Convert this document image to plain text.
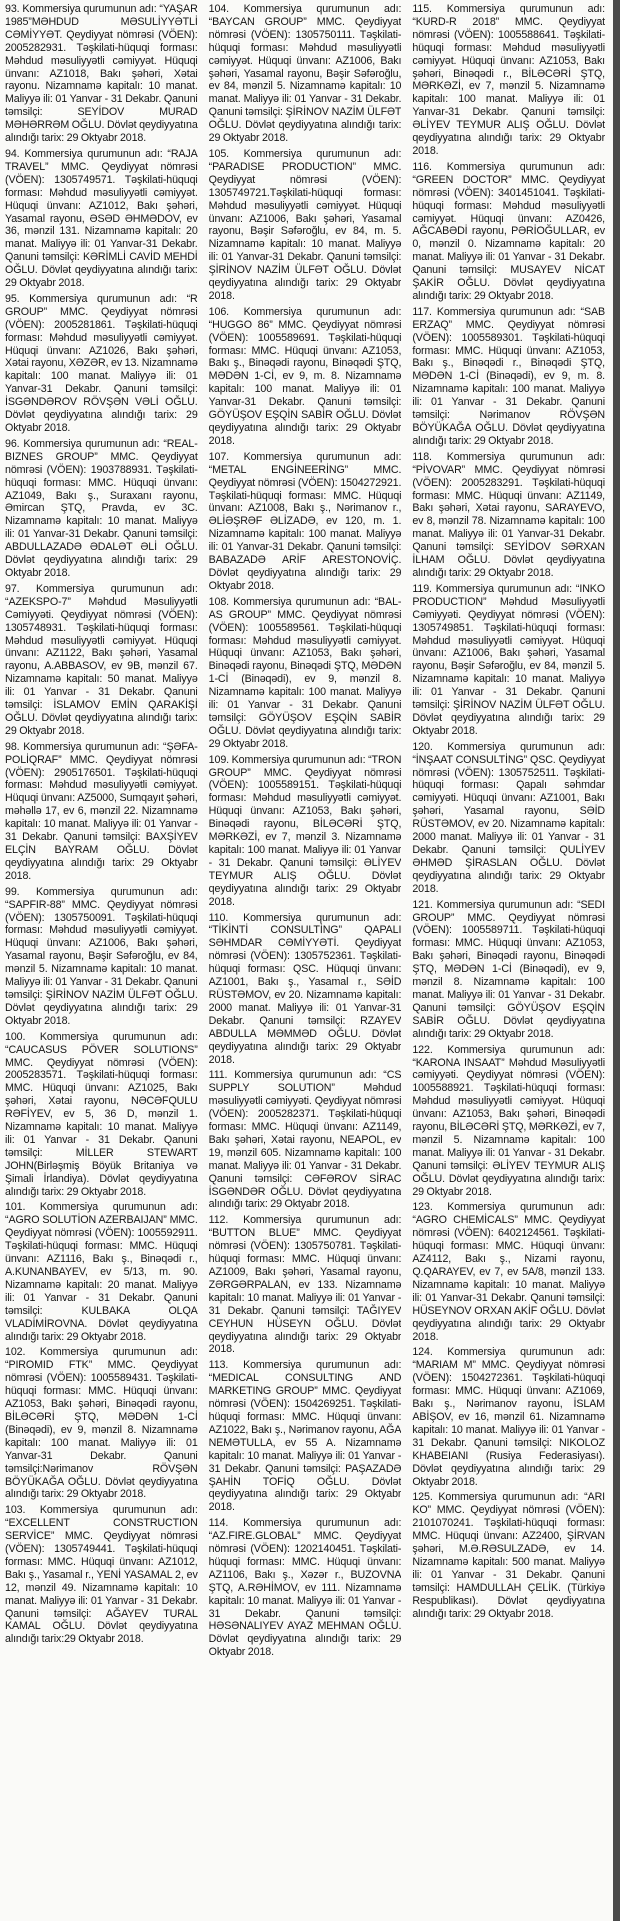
93. Kommersiya qurumunun adı: “YAŞAR 1985”MƏHDUD MƏSULİYYƏTLİ CƏMİYYƏT. Qeydiyyat nömrəsi (VÖEN): 2005282931. Təşkilati-hüquqi forması: Məhdud məsuliyyətli cəmiyyət. Hüquqi ünvanı: AZ1018, Bakı şəhəri, Xətai rayonu. Nizamnamə kapitalı: 10 manat. Maliyyə ili: 01 Yanvar - 31 Dekabr. Qanuni təmsilçi: SEYİDOV MURAD MƏHƏRRƏM OĞLU. Dövlət qeydiyyatına alındığı tarix: 29 Oktyabr 2018.

94. Kommersiya qurumunun adı: “RAJA TRAVEL” MMC. Qeydiyyat nömrəsi (VÖEN): 1305749571. Təşkilati-hüquqi forması: Məhdud məsuliyyətli cəmiyyət. Hüquqi ünvanı: AZ1012, Bakı şəhəri, Yasamal rayonu, ƏSƏD ƏHMƏDOV, ev 36, mənzil 131. Nizamnamə kapitalı: 20 manat. Maliyyə ili: 01 Yanvar-31 Dekabr. Qanuni təmsilçi: KƏRİMLİ CAVİD MEHDİ OĞLU. Dövlət qeydiyyatına alındığı tarix: 29 Oktyabr 2018.

95. Kommersiya qurumunun adı: “R GROUP” MMC. Qeydiyyat nömrəsi (VÖEN): 2005281861. Təşkilati-hüquqi forması: Məhdud məsuliyyətli cəmiyyət. Hüquqi ünvanı: AZ1026, Bakı şəhəri, Xətai rayonu, XƏZƏR, ev 13. Nizamnamə kapitalı: 100 manat. Maliyyə ili: 01 Yanvar-31 Dekabr. Qanuni təmsilçi: İSGƏNDƏROV RÖVŞƏN VƏLİ OĞLU. Dövlət qeydiyyatına alındığı tarix: 29 Oktyabr 2018.

96. Kommersiya qurumunun adı: “REAL-BIZNES GROUP” MMC. Qeydiyyat nömrəsi (VÖEN): 1903788931. Təşkilati-hüquqi forması: MMC. Hüquqi ünvanı: AZ1049, Bakı ş., Suraxanı rayonu, Əmircan ŞTQ, Pravda, ev 3C. Nizamnamə kapitalı: 10 manat. Maliyyə ili: 01 Yanvar-31 Dekabr. Qanuni təmsilçi: ABDULLAZADƏ ƏDALƏT ƏLİ OĞLU. Dövlət qeydiyyatına alındığı tarix: 29 Oktyabr 2018.

97. Kommersiya qurumunun adı: “AZEKSPO-7” Məhdud Məsuliyyətli Cəmiyyəti. Qeydiyyat nömrəsi (VÖEN): 1305748931. Təşkilati-hüquqi forması: Məhdud məsuliyyətli cəmiyyət. Hüquqi ünvanı: AZ1122, Bakı şəhəri, Yasamal rayonu, A.ABBASOV, ev 9B, mənzil 67. Nizamnamə kapitalı: 50 manat. Maliyyə ili: 01 Yanvar - 31 Dekabr. Qanuni təmsilçi: İSLAMOV EMİN QARAKİŞİ OĞLU. Dövlət qeydiyyatına alındığı tarix: 29 Oktyabr 2018.

98. Kommersiya qurumunun adı: “ŞƏFA-POLİQRAF” MMC. Qeydiyyat nömrəsi (VÖEN): 2905176501. Təşkilati-hüquqi forması: Məhdud məsuliyyətli cəmiyyət. Hüquqi ünvanı: AZ5000, Sumqayıt şəhəri, məhəllə 17, ev 6, mənzil 22. Nizamnamə kapitalı: 10 manat. Maliyyə ili: 01 Yanvar - 31 Dekabr. Qanuni təmsilçi: BAXŞİYEV ELÇİN BAYRAM OĞLU. Dövlət qeydiyyatına alındığı tarix: 29 Oktyabr 2018.

99. Kommersiya qurumunun adı: “SAPFIR-88” MMC. Qeydiyyat nömrəsi (VÖEN): 1305750091. Təşkilati-hüquqi forması: Məhdud məsuliyyətli cəmiyyət. Hüquqi ünvanı: AZ1006, Bakı şəhəri, Yasamal rayonu, Bəşir Səfəroğlu, ev 84, mənzil 5. Nizamnamə kapitalı: 10 manat. Maliyyə ili: 01 Yanvar - 31 Dekabr. Qanuni təmsilçi: ŞİRİNOV NAZİM ÜLFƏT OĞLU. Dövlət qeydiyyatına alındığı tarix: 29 Oktyabr 2018.

100. Kommersiya qurumunun adı: “CAUCASUS PÖVER SOLUTIONS” MMC. Qeydiyyat nömrəsi (VÖEN): 2005283571. Təşkilati-hüquqi forması: MMC. Hüquqi ünvanı: AZ1025, Bakı şəhəri, Xətai rayonu, NƏCƏFQULU RƏFİYEV, ev 5, 36 D, mənzil 1. Nizamnamə kapitalı: 10 manat. Maliyyə ili: 01 Yanvar - 31 Dekabr. Qanuni təmsilçi: MİLLER STEWART JOHN(Birləşmiş Böyük Britaniya və Şimali İrlandiya). Dövlət qeydiyyatına alındığı tarix: 29 Oktyabr 2018.

101. Kommersiya qurumunun adı: “AGRO SOLUTİON AZERBAIJAN” MMC. Qeydiyyat nömrəsi (VÖEN): 1005592911. Təşkilati-hüquqi forması: MMC. Hüquqi ünvanı: AZ1116, Bakı ş., Binəqədi r., A.KUNANBAYEV, ev 5/13, m. 90. Nizamnamə kapitalı: 20 manat. Maliyyə ili: 01 Yanvar - 31 Dekabr. Qanuni təmsilçi: KULBAKA OLQA VLADİMİROVNA. Dövlət qeydiyyatına alındığı tarix: 29 Oktyabr 2018.

102. Kommersiya qurumunun adı: “PIROMID FTK” MMC. Qeydiyyat nömrəsi (VÖEN): 1005589431. Təşkilati-hüquqi forması: MMC. Hüquqi ünvanı: AZ1053, Bakı şəhəri, Binəqədi rayonu, BİLƏCƏRİ ŞTQ, MƏDƏN 1-Cİ (Binəqədi), ev 9, mənzil 8. Nizamnamə kapitalı: 100 manat. Maliyyə ili: 01 Yanvar-31 Dekabr. Qanuni təmsilçi:Nərimanov RÖVŞƏN BÖYÜKAĞA OĞLU. Dövlət qeydiyyatına alındığı tarix: 29 Oktyabr 2018.

103. Kommersiya qurumunun adı: “EXCELLENT CONSTRUCTION SERVİCE” MMC. Qeydiyyat nömrəsi (VÖEN): 1305749441. Təşkilati-hüquqi forması: MMC. Hüquqi ünvanı: AZ1012, Bakı ş., Yasamal r., YENİ YASAMAL 2, ev 12, mənzil 49. Nizamnamə kapitalı: 10 manat. Maliyyə ili: 01 Yanvar - 31 Dekabr. Qanuni təmsilçi: AĞAYEV TURAL KAMAL OĞLU. Dövlət qeydiyyatına alındığı tarix:29 Oktyabr 2018.

104. Kommersiya qurumunun adı: “BAYCAN GROUP” MMC. Qeydiyyat nömrəsi (VÖEN): 1305750111. Təşkilati-hüquqi forması: Məhdud məsuliyyətli cəmiyyət. Hüquqi ünvanı: AZ1006, Bakı şəhəri, Yasamal rayonu, Bəşir Səfəroğlu, ev 84, mənzil 5. Nizamnamə kapitalı: 10 manat. Maliyyə ili: 01 Yanvar - 31 Dekabr. Qanuni təmsilçi: ŞİRİNOV NAZİM ÜLFƏT OĞLU. Dövlət qeydiyyatına alındığı tarix: 29 Oktyabr 2018.

105. Kommersiya qurumunun adı: “PARADISE PRODUCTION” MMC. Qeydiyyat nömrəsi (VÖEN): 1305749721.Təşkilati-hüquqi forması: Məhdud məsuliyyətli cəmiyyət. Hüquqi ünvanı: AZ1006, Bakı şəhəri, Yasamal rayonu, Bəşir Səfəroğlu, ev 84, m. 5. Nizamnamə kapitalı: 10 manat. Maliyyə ili: 01 Yanvar-31 Dekabr. Qanuni təmsilçi: ŞİRİNOV NAZİM ÜLFƏT OĞLU. Dövlət qeydiyyatına alındığı tarix: 29 Oktyabr 2018.

106. Kommersiya qurumunun adı: “HUGGO 86” MMC. Qeydiyyat nömrəsi (VÖEN): 1005589691. Təşkilati-hüquqi forması: MMC. Hüquqi ünvanı: AZ1053, Bakı ş., Binəqədi rayonu, Binəqədi ŞTQ, MƏDƏN 1-Cİ, ev 9, m. 8. Nizamnamə kapitalı: 100 manat. Maliyyə ili: 01 Yanvar-31 Dekabr. Qanuni təmsilçi: GÖYÜŞOV EŞQİN SABİR OĞLU. Dövlət qeydiyyatına alındığı tarix: 29 Oktyabr 2018.

107. Kommersiya qurumunun adı: “METAL ENGİNEERİNG” MMC. Qeydiyyat nömrəsi (VÖEN): 1504272921. Təşkilati-hüquqi forması: MMC. Hüquqi ünvanı: AZ1008, Bakı ş., Nərimanov r., ƏLİƏŞRƏF ƏLİZADƏ, ev 120, m. 1. Nizamnamə kapitalı: 100 manat. Maliyyə ili: 01 Yanvar-31 Dekabr. Qanuni təmsilçi: BABAZADƏ ARİF ARESTONOVİÇ. Dövlət qeydiyyatına alındığı tarix: 29 Oktyabr 2018.

108. Kommersiya qurumunun adı: “BAL-AS GROUP” MMC. Qeydiyyat nömrəsi (VÖEN): 1005589561. Təşkilati-hüquqi forması: Məhdud məsuliyyətli cəmiyyət. Hüquqi ünvanı: AZ1053, Bakı şəhəri, Binəqədi rayonu, Binəqədi ŞTQ, MƏDƏN 1-Cİ (Binəqədi), ev 9, mənzil 8. Nizamnamə kapitalı: 100 manat. Maliyyə ili: 01 Yanvar - 31 Dekabr. Qanuni təmsilçi: GÖYÜŞOV EŞQİN SABİR OĞLU. Dövlət qeydiyyatına alındığı tarix: 29 Oktyabr 2018.

109. Kommersiya qurumunun adı: “TRON GROUP” MMC. Qeydiyyat nömrəsi (VÖEN): 1005589151. Təşkilati-hüquqi forması: Məhdud məsuliyyətli cəmiyyət. Hüquqi ünvanı: AZ1053, Bakı şəhəri, Binəqədi rayonu, BİLƏCƏRİ ŞTQ, MƏRKƏZİ, ev 7, mənzil 3. Nizamnamə kapitalı: 100 manat. Maliyyə ili: 01 Yanvar - 31 Dekabr. Qanuni təmsilçi: ƏLİYEV TEYMUR ALIŞ OĞLU. Dövlət qeydiyyatına alındığı tarix: 29 Oktyabr 2018.

110. Kommersiya qurumunun adı: “TİKİNTİ CONSULTİNG” QAPALI SƏHMDAR CƏMİYYƏTİ. Qeydiyyat nömrəsi (VÖEN): 1305752361. Təşkilati-hüquqi forması: QSC. Hüquqi ünvanı: AZ1001, Bakı ş., Yasamal r., SƏİD RÜSTƏMOV, ev 20. Nizamnamə kapitalı: 2000 manat. Maliyyə ili: 01 Yanvar-31 Dekabr. Qanuni təmsilçi: RZAYEV ABDULLA MƏMMƏD OĞLU. Dövlət qeydiyyatına alındığı tarix: 29 Oktyabr 2018.

111. Kommersiya qurumunun adı: “CS SUPPLY SOLUTION” Məhdud məsuliyyətli cəmiyyəti. Qeydiyyat nömrəsi (VÖEN): 2005282371. Təşkilati-hüquqi forması: MMC. Hüquqi ünvanı: AZ1149, Bakı şəhəri, Xətai rayonu, NEAPOL, ev 19, mənzil 605. Nizamnamə kapitalı: 100 manat. Maliyyə ili: 01 Yanvar - 31 Dekabr. Qanuni təmsilçi: CƏFƏROV SİRAC İSGƏNDƏR OĞLU. Dövlət qeydiyyatına alındığı tarix: 29 Oktyabr 2018.

112. Kommersiya qurumunun adı: “BUTTON BLUE” MMC. Qeydiyyat nömrəsi (VÖEN): 1305750781. Təşkilati-hüquqi forması: MMC. Hüquqi ünvanı: AZ1009, Bakı şəhəri, Yasamal rayonu, ZƏRGƏRPALAN, ev 133. Nizamnamə kapitalı: 10 manat. Maliyyə ili: 01 Yanvar - 31 Dekabr. Qanuni təmsilçi: TAĞIYEV CEYHUN HÜSEYN OĞLU. Dövlət qeydiyyatına alındığı tarix: 29 Oktyabr 2018.

113. Kommersiya qurumunun adı: “MEDICAL CONSULTING AND MARKETING GROUP” MMC. Qeydiyyat nömrəsi (VÖEN): 1504269251. Təşkilati-hüquqi forması: MMC. Hüquqi ünvanı: AZ1022, Bakı ş., Nərimanov rayonu, AĞA NEMƏTULLA, ev 55 A. Nizamnamə kapitalı: 10 manat. Maliyyə ili: 01 Yanvar - 31 Dekabr. Qanuni təmsilçi: PAŞAZADƏ ŞAHİN TOFİQ OĞLU. Dövlət qeydiyyatına alındığı tarix: 29 Oktyabr 2018.

114. Kommersiya qurumunun adı: “AZ.FIRE.GLOBAL” MMC. Qeydiyyat nömrəsi (VÖEN): 1202140451. Təşkilati-hüquqi forması: MMC. Hüquqi ünvanı: AZ1106, Bakı ş., Xəzər r., BUZOVNA ŞTQ, A.RƏHİMOV, ev 111. Nizamnamə kapitalı: 10 manat. Maliyyə ili: 01 Yanvar - 31 Dekabr. Qanuni təmsilçi: HƏSƏNALIYEV AYAZ MEHMAN OĞLU. Dövlət qeydiyyatına alındığı tarix: 29 Oktyabr 2018.

115. Kommersiya qurumunun adı: “KURD-R 2018” MMC. Qeydiyyat nömrəsi (VÖEN): 1005588641. Təşkilati-hüquqi forması: Məhdud məsuliyyətli cəmiyyət. Hüquqi ünvanı: AZ1053, Bakı şəhəri, Binəqədi r., BİLƏCƏRİ ŞTQ, MƏRKƏZİ, ev 7, mənzil 5. Nizamnamə kapitalı: 100 manat. Maliyyə ili: 01 Yanvar-31 Dekabr. Qanuni təmsilçi: ƏLİYEV TEYMUR ALIŞ OĞLU. Dövlət qeydiyyatına alındığı tarix: 29 Oktyabr 2018.

116. Kommersiya qurumunun adı: “GREEN DOCTOR” MMC. Qeydiyyat nömrəsi (VÖEN): 3401451041. Təşkilati-hüquqi forması: Məhdud məsuliyyətli cəmiyyət. Hüquqi ünvanı: AZ0426, AĞCABƏDİ rayonu, PƏRİOĞULLAR, ev 0, mənzil 0. Nizamnamə kapitalı: 20 manat. Maliyyə ili: 01 Yanvar - 31 Dekabr. Qanuni təmsilçi: MUSAYEV NİCAT ŞAKİR OĞLU. Dövlət qeydiyyatına alındığı tarix: 29 Oktyabr 2018.

117. Kommersiya qurumunun adı: “SAB ERZAQ” MMC. Qeydiyyat nömrəsi (VÖEN): 1005589301. Təşkilati-hüquqi forması: MMC. Hüquqi ünvanı: AZ1053, Bakı ş., Binəqədi r., Binəqədi ŞTQ, MƏDƏN 1-Cİ (Binəqədi), ev 9, m. 8. Nizamnamə kapitalı: 100 manat. Maliyyə ili: 01 Yanvar - 31 Dekabr. Qanuni təmsilçi: Nərimanov RÖVŞƏN BÖYÜKAĞA OĞLU. Dövlət qeydiyyatına alındığı tarix: 29 Oktyabr 2018.

118. Kommersiya qurumunun adı: “PİVOVAR” MMC. Qeydiyyat nömrəsi (VÖEN): 2005283291. Təşkilati-hüquqi forması: MMC. Hüquqi ünvanı: AZ1149, Bakı şəhəri, Xətai rayonu, SARAYEVO, ev 8, mənzil 78. Nizamnamə kapitalı: 100 manat. Maliyyə ili: 01 Yanvar-31 Dekabr. Qanuni təmsilçi: SEYİDOV SƏRXAN İLHAM OĞLU. Dövlət qeydiyyatına alındığı tarix: 29 Oktyabr 2018.

119. Kommersiya qurumunun adı: “INKO PRODUCTION” Məhdud Məsuliyyətli Cəmiyyəti. Qeydiyyat nömrəsi (VÖEN): 1305749851. Təşkilati-hüquqi forması: Məhdud məsuliyyətli cəmiyyət. Hüquqi ünvanı: AZ1006, Bakı şəhəri, Yasamal rayonu, Bəşir Səfəroğlu, ev 84, mənzil 5. Nizamnamə kapitalı: 10 manat. Maliyyə ili: 01 Yanvar - 31 Dekabr. Qanuni təmsilçi: ŞİRİNOV NAZİM ÜLFƏT OĞLU. Dövlət qeydiyyatına alındığı tarix: 29 Oktyabr 2018.

120. Kommersiya qurumunun adı: “İNŞAAT CONSULTİNG” QSC. Qeydiyyat nömrəsi (VÖEN): 1305752511. Təşkilati-hüquqi forması: Qapalı səhmdar cəmiyyəti. Hüquqi ünvanı: AZ1001, Bakı şəhəri, Yasamal rayonu, SƏİD RÜSTƏMOV, ev 20. Nizamnamə kapitalı: 2000 manat. Maliyyə ili: 01 Yanvar - 31 Dekabr. Qanuni təmsilçi: QULİYEV ƏHMƏD ŞİRASLAN OĞLU. Dövlət qeydiyyatına alındığı tarix: 29 Oktyabr 2018.

121. Kommersiya qurumunun adı: “SEDI GROUP” MMC. Qeydiyyat nömrəsi (VÖEN): 1005589711. Təşkilati-hüquqi forması: MMC. Hüquqi ünvanı: AZ1053, Bakı şəhəri, Binəqədi rayonu, Binəqədi ŞTQ, MƏDƏN 1-Cİ (Binəqədi), ev 9, mənzil 8. Nizamnamə kapitalı: 100 manat. Maliyyə ili: 01 Yanvar - 31 Dekabr. Qanuni təmsilçi: GÖYÜŞOV EŞQİN SABİR OĞLU. Dövlət qeydiyyatına alındığı tarix: 29 Oktyabr 2018.

122. Kommersiya qurumunun adı: “KARONA INSAAT” Məhdud Məsuliyyətli cəmiyyəti. Qeydiyyat nömrəsi (VÖEN): 1005588921. Təşkilati-hüquqi forması: Məhdud məsuliyyətli cəmiyyət. Hüquqi ünvanı: AZ1053, Bakı şəhəri, Binəqədi rayonu, BİLƏCƏRİ ŞTQ, MƏRKƏZİ, ev 7, mənzil 5. Nizamnamə kapitalı: 100 manat. Maliyyə ili: 01 Yanvar - 31 Dekabr. Qanuni təmsilçi: ƏLİYEV TEYMUR ALIŞ OĞLU. Dövlət qeydiyyatına alındığı tarix: 29 Oktyabr 2018.

123. Kommersiya qurumunun adı: “AGRO CHEMİCALS” MMC. Qeydiyyat nömrəsi (VÖEN): 6402124561. Təşkilati-hüquqi forması: MMC. Hüquqi ünvanı: AZ4112, Bakı ş., Nizami rayonu, Q.QARAYEV, ev 7, ev 5A/8, mənzil 133. Nizamnamə kapitalı: 10 manat. Maliyyə ili: 01 Yanvar-31 Dekabr. Qanuni təmsilçi: HÜSEYNOV ORXAN AKİF OĞLU. Dövlət qeydiyyatına alındığı tarix: 29 Oktyabr 2018.

124. Kommersiya qurumunun adı: “MARIAM M” MMC. Qeydiyyat nömrəsi (VÖEN): 1504272361. Təşkilati-hüquqi forması: MMC. Hüquqi ünvanı: AZ1069, Bakı ş., Nərimanov rayonu, İSLAM ABİŞOV, ev 16, mənzil 61. Nizamnamə kapitalı: 10 manat. Maliyyə ili: 01 Yanvar - 31 Dekabr. Qanuni təmsilçi: NIKOLOZ KHABEIANI (Rusiya Federasiyası). Dövlət qeydiyyatına alındığı tarix: 29 Oktyabr 2018.

125. Kommersiya qurumunun adı: “ARI KO” MMC. Qeydiyyat nömrəsi (VÖEN): 2101070241. Təşkilati-hüquqi forması: MMC. Hüquqi ünvanı: AZ2400, ŞİRVAN şəhəri, M.Ə.RƏSULZADƏ, ev 14. Nizamnamə kapitalı: 500 manat. Maliyyə ili: 01 Yanvar - 31 Dekabr. Qanuni təmsilçi: HAMDULLAH ÇELİK. (Türkiyə Respublikası). Dövlət qeydiyyatına alındığı tarix: 29 Oktyabr 2018.
